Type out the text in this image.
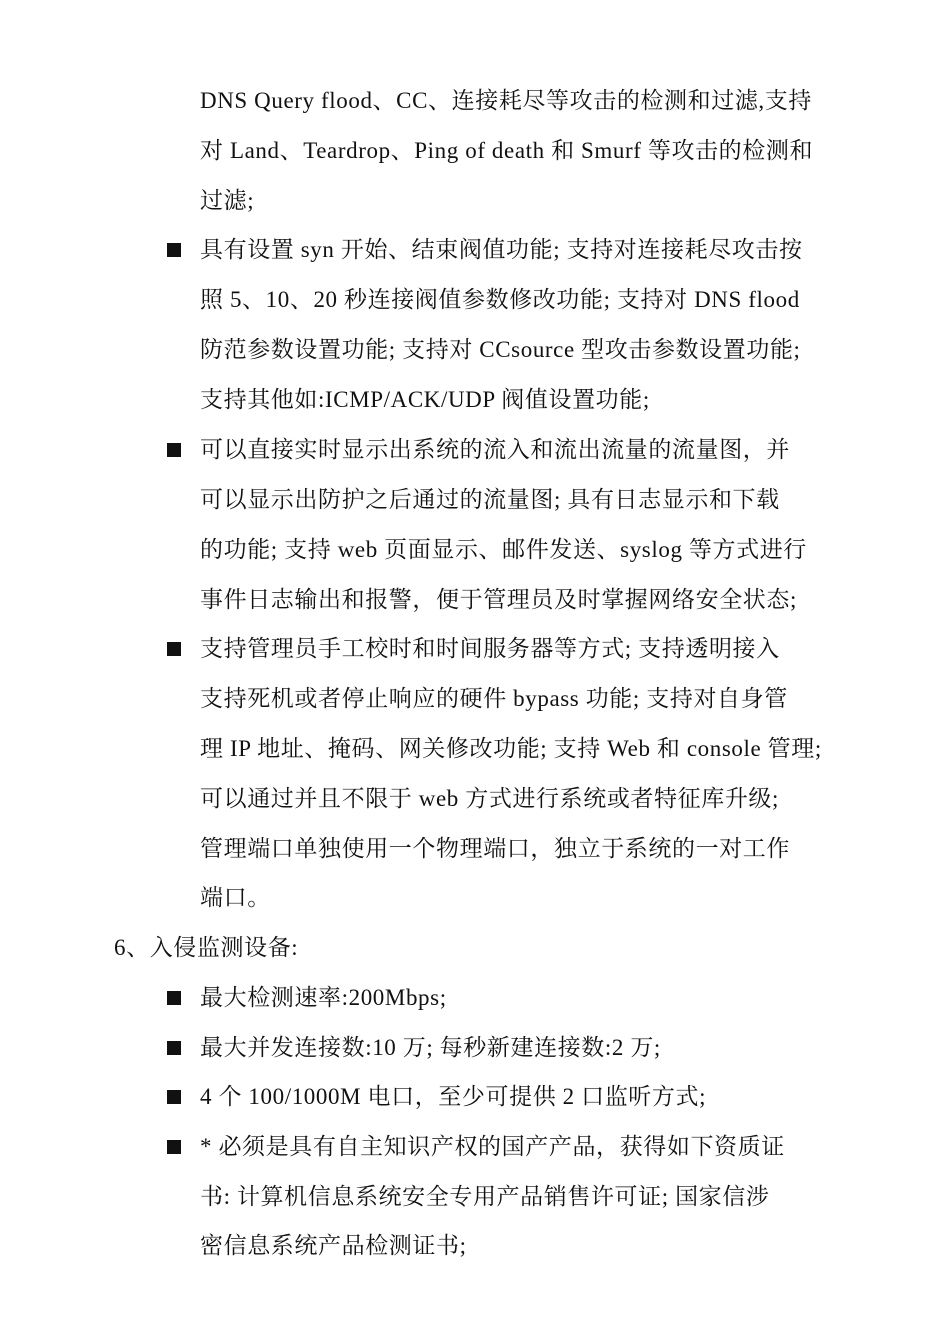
DNS Query flood、CC、连接耗尽等攻击的检测和过滤,支持
对 Land、Teardrop、Ping of death 和 Smurf 等攻击的检测和
过滤;
具有设置 syn 开始、结束阀值功能; 支持对连接耗尽攻击按
照 5、10、20 秒连接阀值参数修改功能; 支持对 DNS flood
防范参数设置功能; 支持对 CCsource 型攻击参数设置功能;
支持其他如:ICMP/ACK/UDP 阀值设置功能;
可以直接实时显示出系统的流入和流出流量的流量图，并
可以显示出防护之后通过的流量图; 具有日志显示和下载
的功能; 支持 web 页面显示、邮件发送、syslog 等方式进行
事件日志输出和报警，便于管理员及时掌握网络安全状态;
支持管理员手工校时和时间服务器等方式; 支持透明接入
支持死机或者停止响应的硬件 bypass 功能; 支持对自身管
理 IP 地址、掩码、网关修改功能; 支持 Web 和 console 管理;
可以通过并且不限于 web 方式进行系统或者特征库升级;
管理端口单独使用一个物理端口，独立于系统的一对工作
端口。
6、入侵监测设备:
最大检测速率:200Mbps;
最大并发连接数:10 万; 每秒新建连接数:2 万;
4 个 100/1000M 电口，至少可提供 2 口监听方式;
* 必须是具有自主知识产权的国产产品，获得如下资质证
书: 计算机信息系统安全专用产品销售许可证; 国家信涉
密信息系统产品检测证书;
